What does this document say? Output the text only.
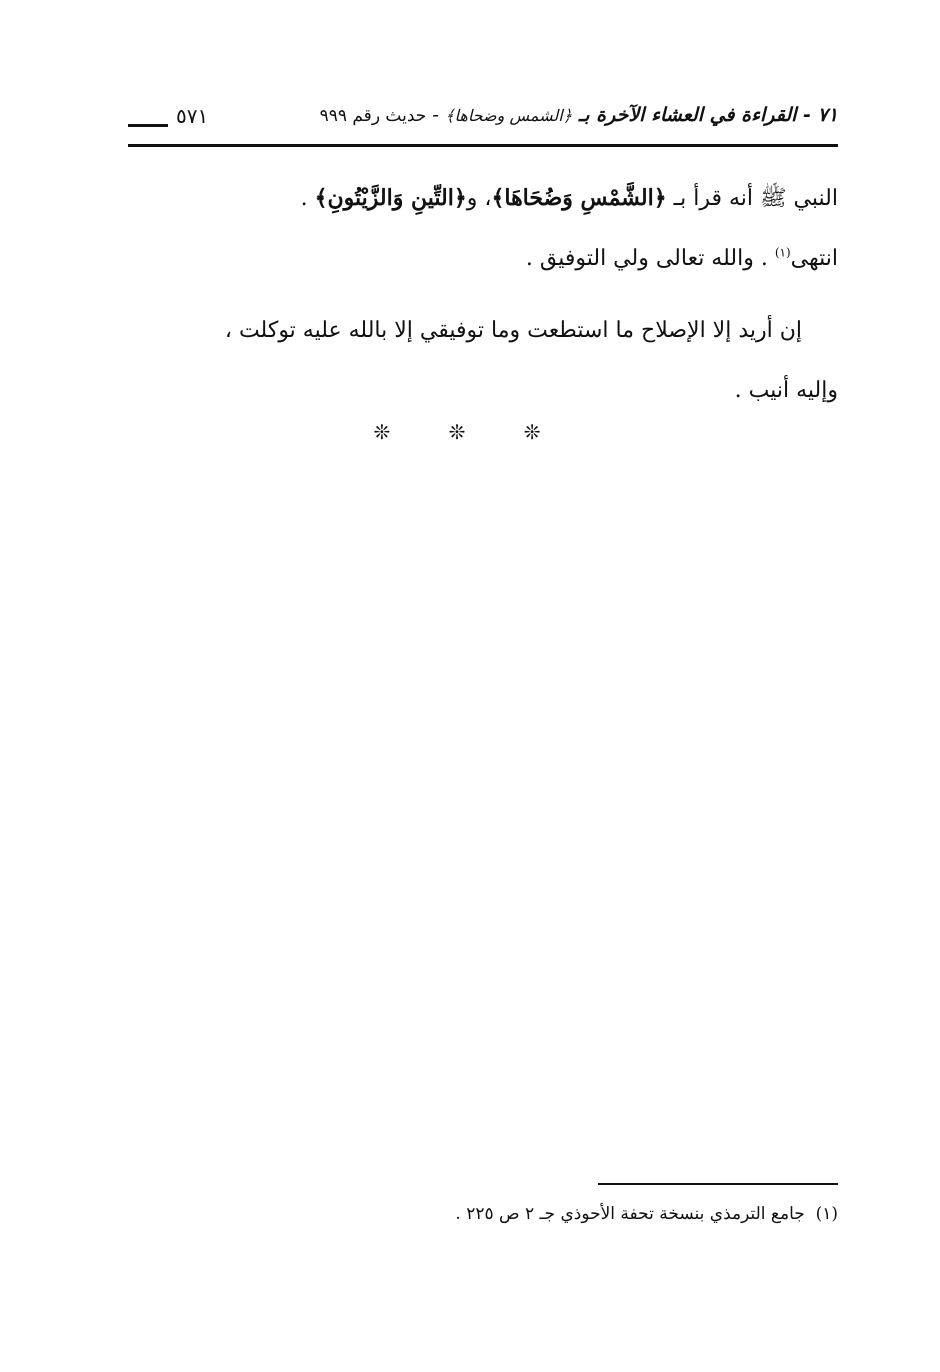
٧١ - القراءة في العشاء الآخرة بـ ﴿الشمس وضحاها﴾-حديث رقم ٩٩٩
٥٧١
النبي ﷺ أنه قرأ بـ ﴿الشَّمْسِ وَضُحَاهَا﴾، و﴿التِّينِ وَالزَّيْتُونِ﴾ .
انتهى$^{(١)}$ . والله تعالى ولي التوفيق .
إن أريد إلا الإصلاح ما استطعت وما توفيقي إلا بالله عليه توكلت ،
وإليه أنيب .
❊ ❊ ❊
(١)  جامع الترمذي بنسخة تحفة الأحوذي جـ ٢ ص ٢٢٥ .
